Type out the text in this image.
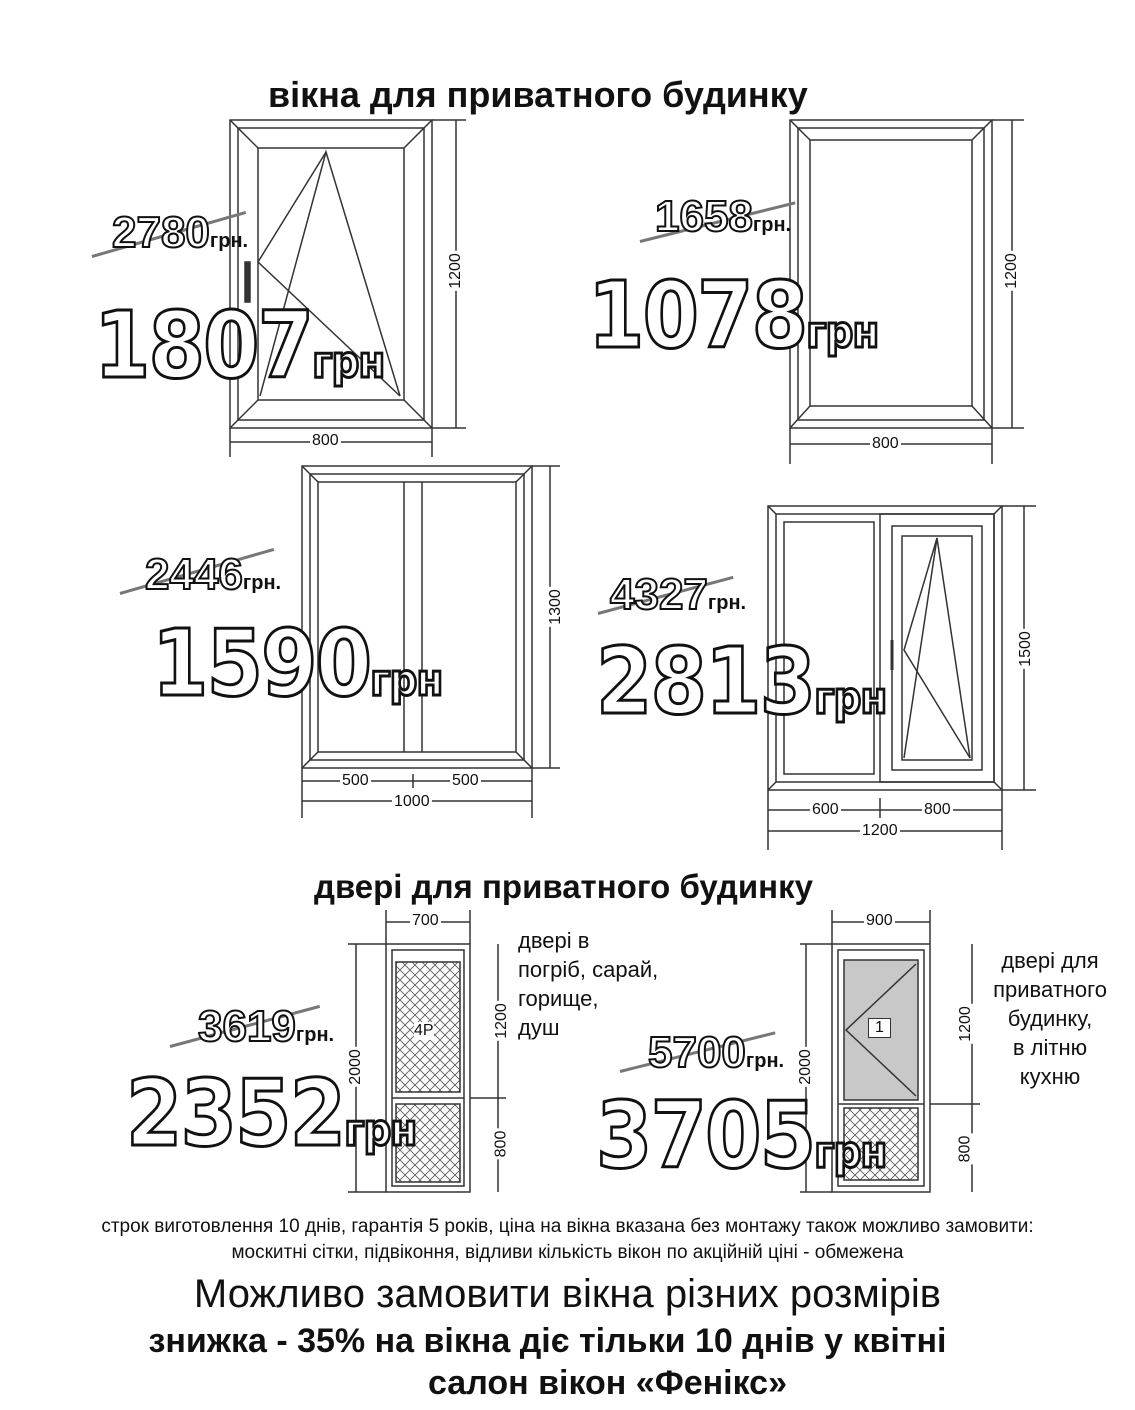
вікна для приватного будинку
двері для приватного будинку
1200
800
2780грн.
1807грн
1200
800
1658грн.
1078грн
1300
500	500
1000
2446грн.
1590грн
1500
600	800
1200
4327грн.
2813грн
4P
700
2000
1200
800
двері в
погріб, сарай,
горище,
душ
3619грн.
2352грн
1
900
2000
1200
800
двері для
приватного
будинку,
в літню
кухню
5700грн.
3705грн
строк виготовлення 10 днів, гарантія 5 років, ціна на вікна вказана без монтажу також можливо замовити:
москитні сітки, підвіконня, відливи кількість вікон по акційній ціні - обмежена
Можливо замовити вікна різних розмірів
знижка - 35% на вікна діє тільки 10 днів у квітні
салон вікон «Фенікс»
